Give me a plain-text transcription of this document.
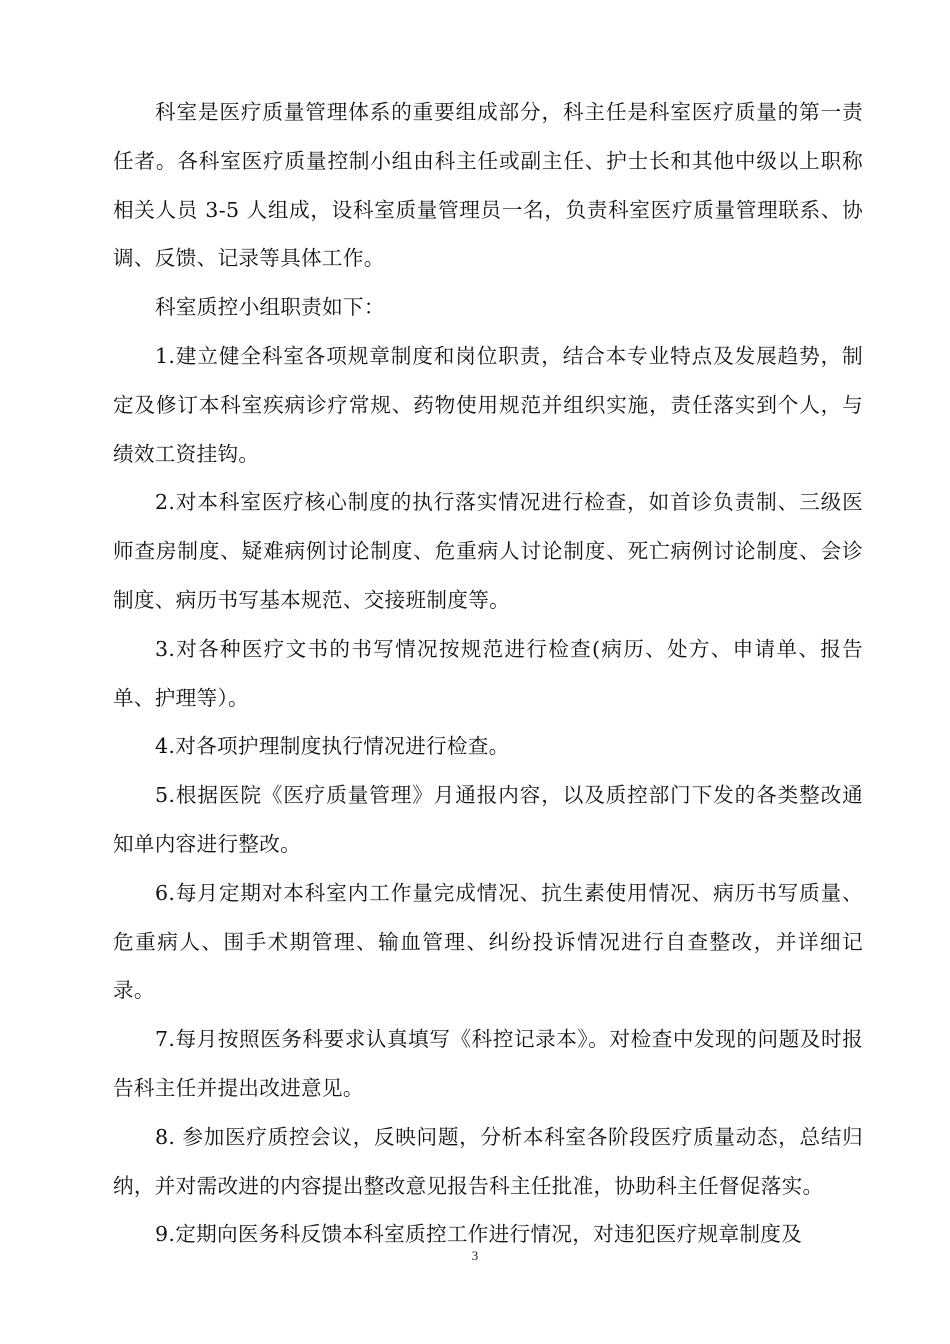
科室是医疗质量管理体系的重要组成部分，科主任是科室医疗质量的第一责任者。各科室医疗质量控制小组由科主任或副主任、护士长和其他中级以上职称相关人员 3-5 人组成，设科室质量管理员一名，负责科室医疗质量管理联系、协调、反馈、记录等具体工作。

科室质控小组职责如下：

1.建立健全科室各项规章制度和岗位职责，结合本专业特点及发展趋势，制定及修订本科室疾病诊疗常规、药物使用规范并组织实施，责任落实到个人，与绩效工资挂钩。

2.对本科室医疗核心制度的执行落实情况进行检查，如首诊负责制、三级医师查房制度、疑难病例讨论制度、危重病人讨论制度、死亡病例讨论制度、会诊制度、病历书写基本规范、交接班制度等。

3.对各种医疗文书的书写情况按规范进行检查(病历、处方、申请单、报告单、护理等）。

4.对各项护理制度执行情况进行检查。

5.根据医院《医疗质量管理》月通报内容，以及质控部门下发的各类整改通知单内容进行整改。

6.每月定期对本科室内工作量完成情况、抗生素使用情况、病历书写质量、危重病人、围手术期管理、输血管理、纠纷投诉情况进行自查整改，并详细记录。

7.每月按照医务科要求认真填写《科控记录本》。对检查中发现的问题及时报告科主任并提出改进意见。

8. 参加医疗质控会议，反映问题，分析本科室各阶段医疗质量动态，总结归纳，并对需改进的内容提出整改意见报告科主任批准，协助科主任督促落实。

9.定期向医务科反馈本科室质控工作进行情况，对违犯医疗规章制度及

3
